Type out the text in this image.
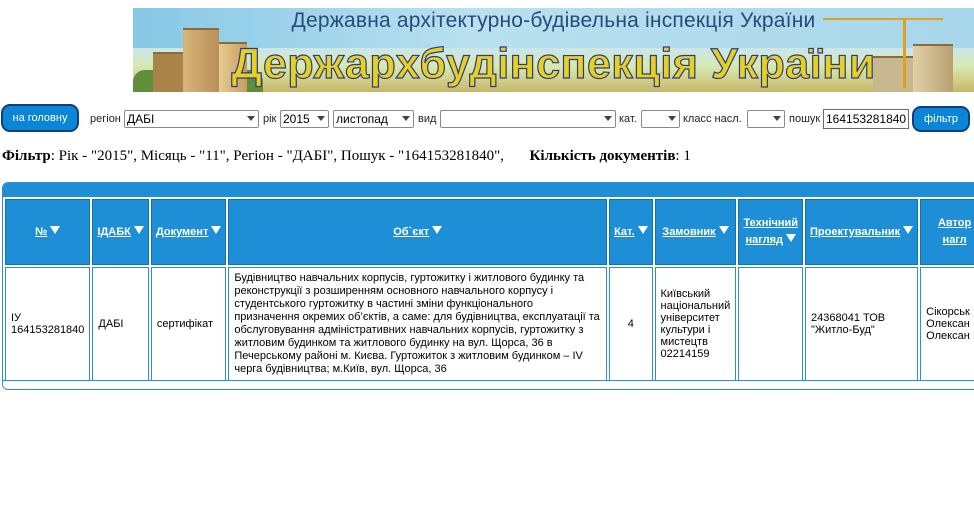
Державна архітектурно-будівельна інспекція України
Держархбудінспекція України
на головну	регіон ДАБІ	рік 2015	листопад	вид	кат.	класс насл.	пошук 164153281840	фільтр
Фільтр: Рік - "2015", Місяць - "11", Регіон - "ДАБІ", Пошук - "164153281840", Кількість документів: 1
№	ІДАБК	Документ	Об`єкт	Кат.	Замовник	Технічний нагляд	Проектувальник	Автор нагл
ІУ 164153281840	ДАБІ	сертифікат	Будівництво навчальних корпусів, гуртожитку і житлового будинку та реконструкції з розширенням основного навчального корпусу і студентського гуртожитку в частині зміни функціонального призначення окремих об’єктів, а саме: для будівництва, експлуатації та обслуговування адміністративних навчальних корпусів, гуртожитку з житловим будинком та житлового будинку на вул. Щорса, 36 в Печерському районі м. Києва. Гуртожиток з житловим будинком – IV черга будівництва; м.Київ, вул. Щорса, 36	4	Київський національний університет культури і мистецтв 02214159		24368041 ТОВ "Житло-Буд"	Сікорськ Олексан Олексан
